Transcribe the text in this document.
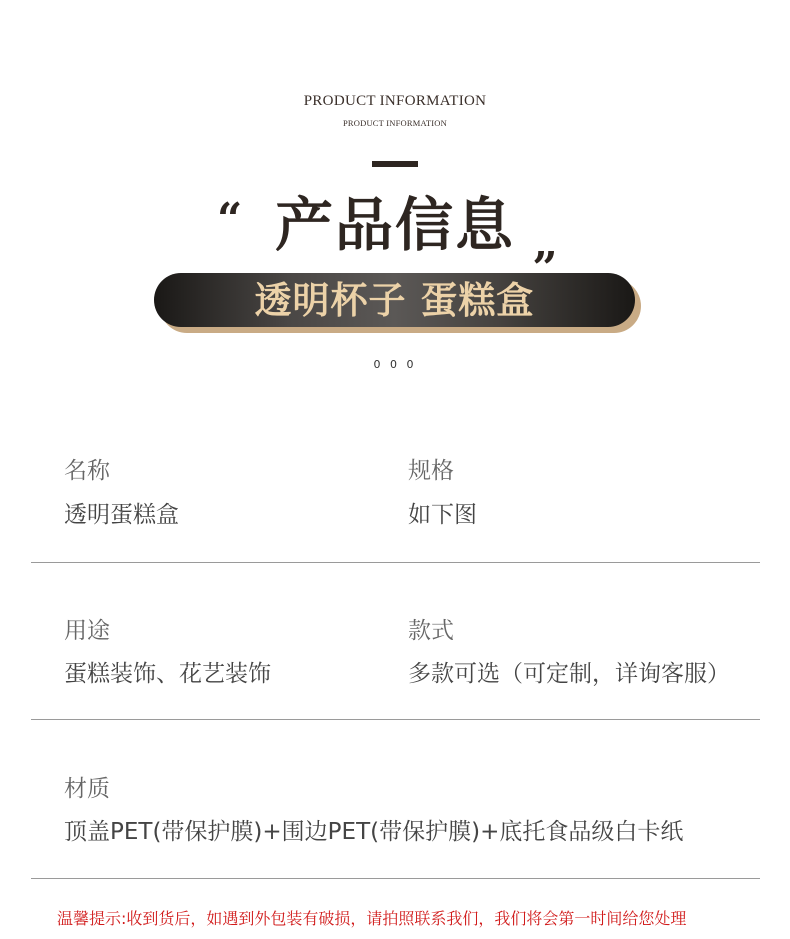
PRODUCT INFORMATION
PRODUCT INFORMATION
“ 产品信息 „
透明杯子 蛋糕盒
0 0 0
名称
透明蛋糕盒
规格
如下图
用途
蛋糕装饰、花艺装饰
款式
多款可选（可定制，详询客服）
材质
顶盖PET(带保护膜)+围边PET(带保护膜)+底托食品级白卡纸
温馨提示:收到货后，如遇到外包装有破损，请拍照联系我们，我们将会第一时间给您处理
